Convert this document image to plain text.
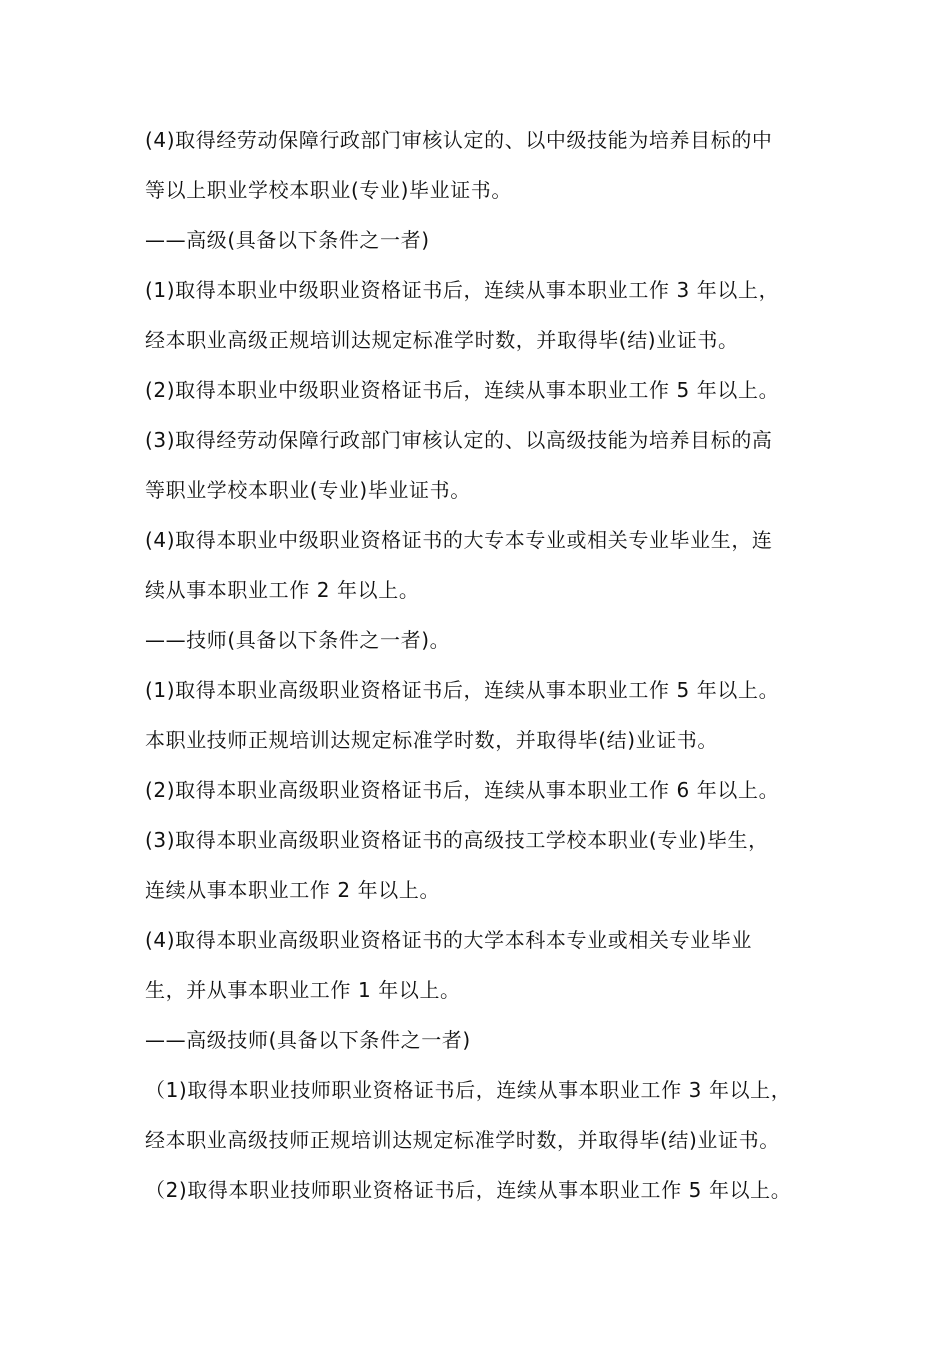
(4)取得经劳动保障行政部门审核认定的、以中级技能为培养目标的中
等以上职业学校本职业(专业)毕业证书。
——高级(具备以下条件之一者)
(1)取得本职业中级职业资格证书后，连续从事本职业工作 3 年以上，
经本职业高级正规培训达规定标准学时数，并取得毕(结)业证书。
(2)取得本职业中级职业资格证书后，连续从事本职业工作 5 年以上。
(3)取得经劳动保障行政部门审核认定的、以高级技能为培养目标的高
等职业学校本职业(专业)毕业证书。
(4)取得本职业中级职业资格证书的大专本专业或相关专业毕业生，连
续从事本职业工作 2 年以上。
——技师(具备以下条件之一者)。
(1)取得本职业高级职业资格证书后，连续从事本职业工作 5 年以上。
本职业技师正规培训达规定标准学时数，并取得毕(结)业证书。
(2)取得本职业高级职业资格证书后，连续从事本职业工作 6 年以上。
(3)取得本职业高级职业资格证书的高级技工学校本职业(专业)毕生，
连续从事本职业工作 2 年以上。
(4)取得本职业高级职业资格证书的大学本科本专业或相关专业毕业
生，并从事本职业工作 1 年以上。
——高级技师(具备以下条件之一者)
（1)取得本职业技师职业资格证书后，连续从事本职业工作 3 年以上，
经本职业高级技师正规培训达规定标准学时数，并取得毕(结)业证书。
（2)取得本职业技师职业资格证书后，连续从事本职业工作 5 年以上。
